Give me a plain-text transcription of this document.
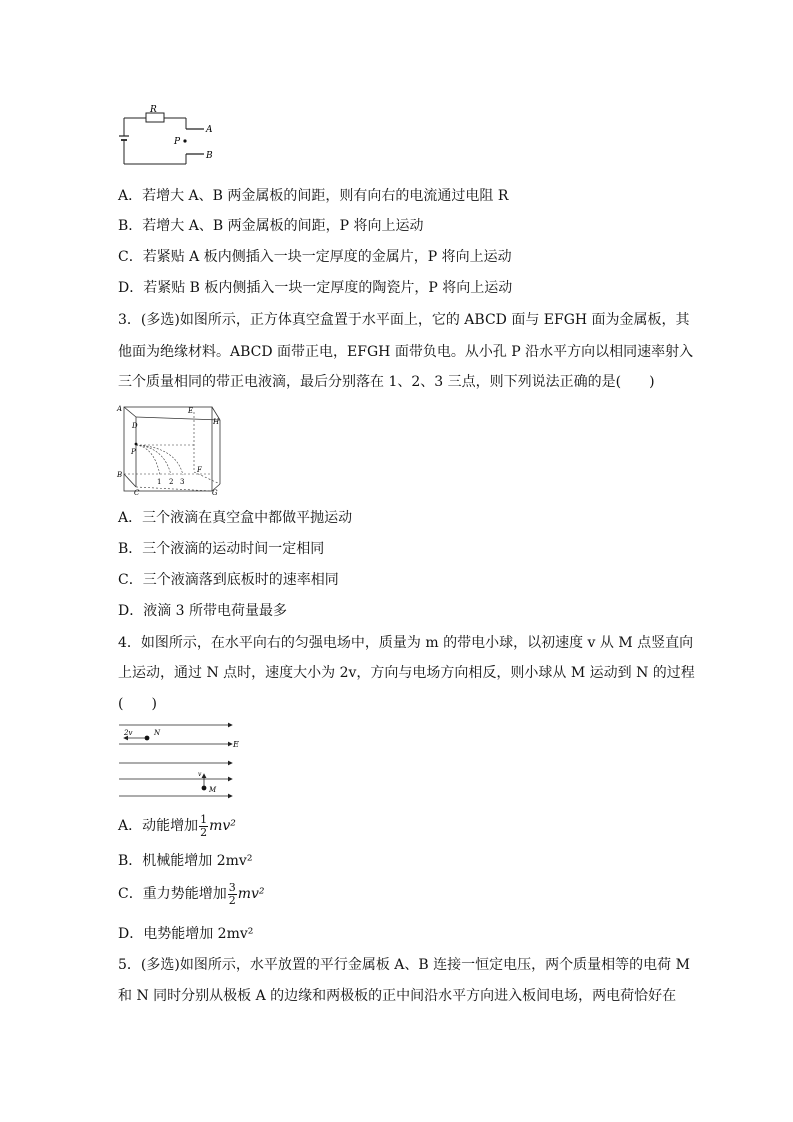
R
A
B
P
A．若增大 A、B 两金属板的间距，则有向右的电流通过电阻 R
B．若增大 A、B 两金属板的间距，P 将向上运动
C．若紧贴 A 板内侧插入一块一定厚度的金属片，P 将向上运动
D．若紧贴 B 板内侧插入一块一定厚度的陶瓷片，P 将向上运动
3．(多选)如图所示，正方体真空盒置于水平面上，它的 ABCD 面与 EFGH 面为金属板，其
他面为绝缘材料。ABCD 面带正电，EFGH 面带负电。从小孔 P 沿水平方向以相同速率射入
三个质量相同的带正电液滴，最后分别落在 1、2、3 三点，则下列说法正确的是(　　)
A
D
P
B
C
E
H
F
G
1 2 3
A．三个液滴在真空盒中都做平抛运动
B．三个液滴的运动时间一定相同
C．三个液滴落到底板时的速率相同
D．液滴 3 所带电荷量最多
4．如图所示，在水平向右的匀强电场中，质量为 m 的带电小球，以初速度 v 从 M 点竖直向
上运动，通过 N 点时，速度大小为 2v，方向与电场方向相反，则小球从 M 运动到 N 的过程
(　　)
2v	N
E
v
M
A．动能增加 $\frac{1}{2} mv^2$
B．机械能增加 2mv²
C．重力势能增加 $\frac{3}{2} mv^2$
D．电势能增加 2mv²
5．(多选)如图所示，水平放置的平行金属板 A、B 连接一恒定电压，两个质量相等的电荷 M
和 N 同时分别从极板 A 的边缘和两极板的正中间沿水平方向进入板间电场，两电荷恰好在
